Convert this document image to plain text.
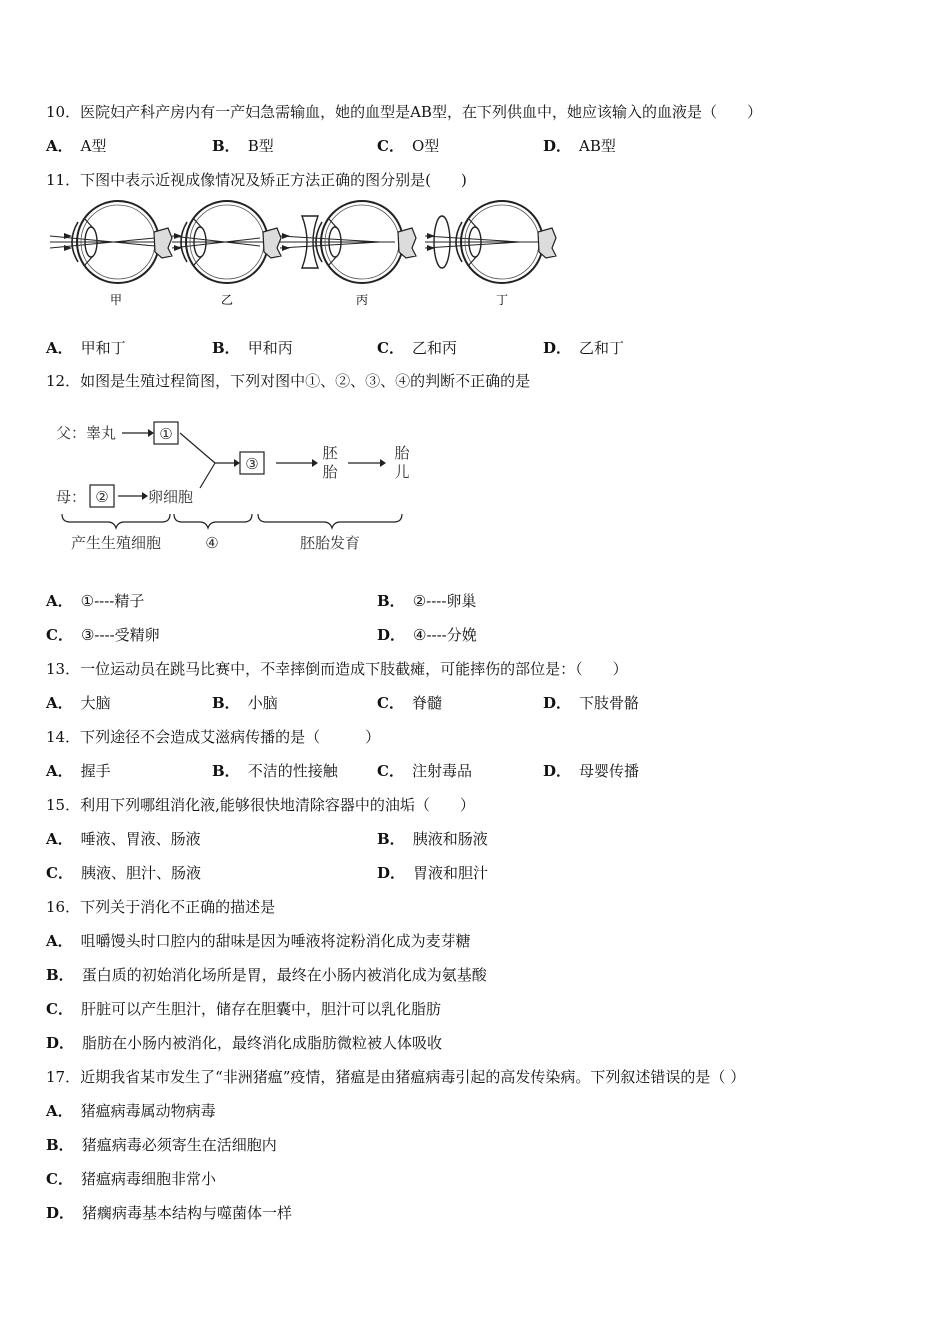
10．医院妇产科产房内有一产妇急需输血，她的血型是AB型，在下列供血中，她应该输入的血液是（　　）
A． A型	B． B型	C． O型	D． AB型
11．下图中表示近视成像情况及矫正方法正确的图分别是(　　)
甲	乙	丙	丁
A． 甲和丁	B． 甲和丙	C． 乙和丙	D． 乙和丁
12．如图是生殖过程简图，下列对图中①、②、③、④的判断不正确的是
父：睾丸	①
母： ②	卵细胞
③
胚
胎
胎
儿
产生生殖细胞	④	胚胎发育
A． ①----精子	B． ②----卵巢
C． ③----受精卵	D． ④----分娩
13．一位运动员在跳马比赛中，不幸摔倒而造成下肢截瘫，可能摔伤的部位是：（　　）
A． 大脑	B． 小脑	C． 脊髓	D． 下肢骨骼
14．下列途径不会造成艾滋病传播的是（　　　）
A． 握手	B． 不洁的性接触	C． 注射毒品	D． 母婴传播
15．利用下列哪组消化液,能够很快地清除容器中的油垢（　　）
A． 唾液、胃液、肠液	B． 胰液和肠液
C． 胰液、胆汁、肠液	D． 胃液和胆汁
16．下列关于消化不正确的描述是
A． 咀嚼馒头时口腔内的甜味是因为唾液将淀粉消化成为麦芽糖
B． 蛋白质的初始消化场所是胃，最终在小肠内被消化成为氨基酸
C． 肝脏可以产生胆汁，储存在胆囊中，胆汁可以乳化脂肪
D． 脂肪在小肠内被消化，最终消化成脂肪微粒被人体吸收
17．近期我省某市发生了“非洲猪瘟”疫情，猪瘟是由猪瘟病毒引起的高发传染病。下列叙述错误的是（ ）
A． 猪瘟病毒属动物病毒
B． 猪瘟病毒必须寄生在活细胞内
C． 猪瘟病毒细胞非常小
D． 猪瘸病毒基本结构与噬菌体一样
